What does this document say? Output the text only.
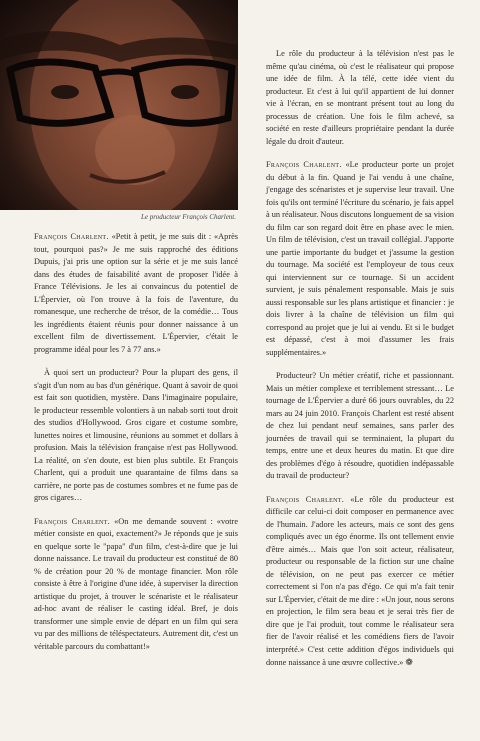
Le producteur François Charlent.

François Charlent. «Petit à petit, je me suis dit : «Après tout, pourquoi pas?» Je me suis rapproché des éditions Dupuis, j'ai pris une option sur la série et je me suis lancé dans des études de faisabilité avant de proposer l'idée à France Télévisions. Je les ai convaincus du potentiel de L'Épervier, où l'on trouve à la fois de l'aventure, du romanesque, une recherche de trésor, de la comédie… Tous les ingrédients étaient réunis pour donner naissance à un excellent film de divertissement. L'Épervier, c'était le programme idéal pour les 7 à 77 ans.»

À quoi sert un producteur? Pour la plupart des gens, il s'agit d'un nom au bas d'un générique. Quant à savoir de quoi est fait son quotidien, mystère. Dans l'imaginaire populaire, le producteur ressemble volontiers à un nabab sorti tout droit des studios d'Hollywood. Gros cigare et costume sombre, lunettes noires et limousine, réunions au sommet et dollars à profusion. Mais la télévision française n'est pas Hollywood. La réalité, on s'en doute, est bien plus subtile. Et François Charlent, qui a produit une quarantaine de films dans sa carrière, ne porte pas de costumes sombres et ne fume pas de gros cigares…

François Charlent. «On me demande souvent : «votre métier consiste en quoi, exactement?» Je réponds que je suis en quelque sorte le "papa" d'un film, c'est-à-dire que je lui donne naissance. Le travail du producteur est constitué de 80 % de création pour 20 % de montage financier. Mon rôle consiste à être à l'origine d'une idée, à superviser la direction artistique du projet, à trouver le scénariste et le réalisateur ad-hoc avant de réaliser le casting idéal. Bref, je dois transformer une simple envie de départ en un film qui sera vu par des millions de téléspectateurs. Autrement dit, c'est un véritable parcours du combattant!»

Le rôle du producteur à la télévision n'est pas le même qu'au cinéma, où c'est le réalisateur qui propose une idée de film. À la télé, cette idée vient du producteur. Et c'est à lui qu'il appartient de lui donner vie à l'écran, en se montrant présent tout au long du processus de création. Une fois le film achevé, sa société en reste d'ailleurs propriétaire pendant la durée légale du droit d'auteur.

François Charlent. «Le producteur porte un projet du début à la fin. Quand je l'ai vendu à une chaîne, j'engage des scénaristes et je supervise leur travail. Une fois qu'ils ont terminé l'écriture du scénario, je fais appel à un réalisateur. Nous discutons longuement de sa vision du film car son regard doit être en phase avec le mien. Un film de télévision, c'est un travail collégial. J'apporte une partie importante du budget et j'assume la gestion du tournage. Ma société est l'employeur de tous ceux qui interviennent sur ce tournage. Si un accident survient, je suis pénalement responsable. Mais je suis aussi responsable sur les plans artistique et financier : je dois livrer à la chaîne de télévision un film qui correspond au projet que je lui ai vendu. Et si le budget est dépassé, c'est à moi d'assumer les frais supplémentaires.»

Producteur? Un métier créatif, riche et passionnant. Mais un métier complexe et terriblement stressant… Le tournage de L'Épervier a duré 66 jours ouvrables, du 22 mars au 24 juin 2010. François Charlent est resté absent de chez lui pendant neuf semaines, sans parler des journées de travail qui se terminaient, la plupart du temps, entre une et deux heures du matin. Et que dire des problèmes d'égo à résoudre, quotidien indépassable du travail de producteur?

François Charlent. «Le rôle du producteur est difficile car celui-ci doit composer en permanence avec de l'humain. J'adore les acteurs, mais ce sont des gens compliqués avec un égo énorme. Ils ont tellement envie d'être aimés… Mais que l'on soit acteur, réalisateur, producteur ou responsable de la fiction sur une chaîne de télévision, on ne peut pas exercer ce métier correctement si l'on n'a pas d'égo. Ce qui m'a fait tenir sur L'Épervier, c'était de me dire : «Un jour, nous serons en projection, le film sera beau et je serai très fier de dire que je l'ai produit, tout comme le réalisateur sera fier de l'avoir réalisé et les comédiens fiers de l'avoir interprété.» C'est cette addition d'égos individuels qui donne naissance à une œuvre collective.» ❁
